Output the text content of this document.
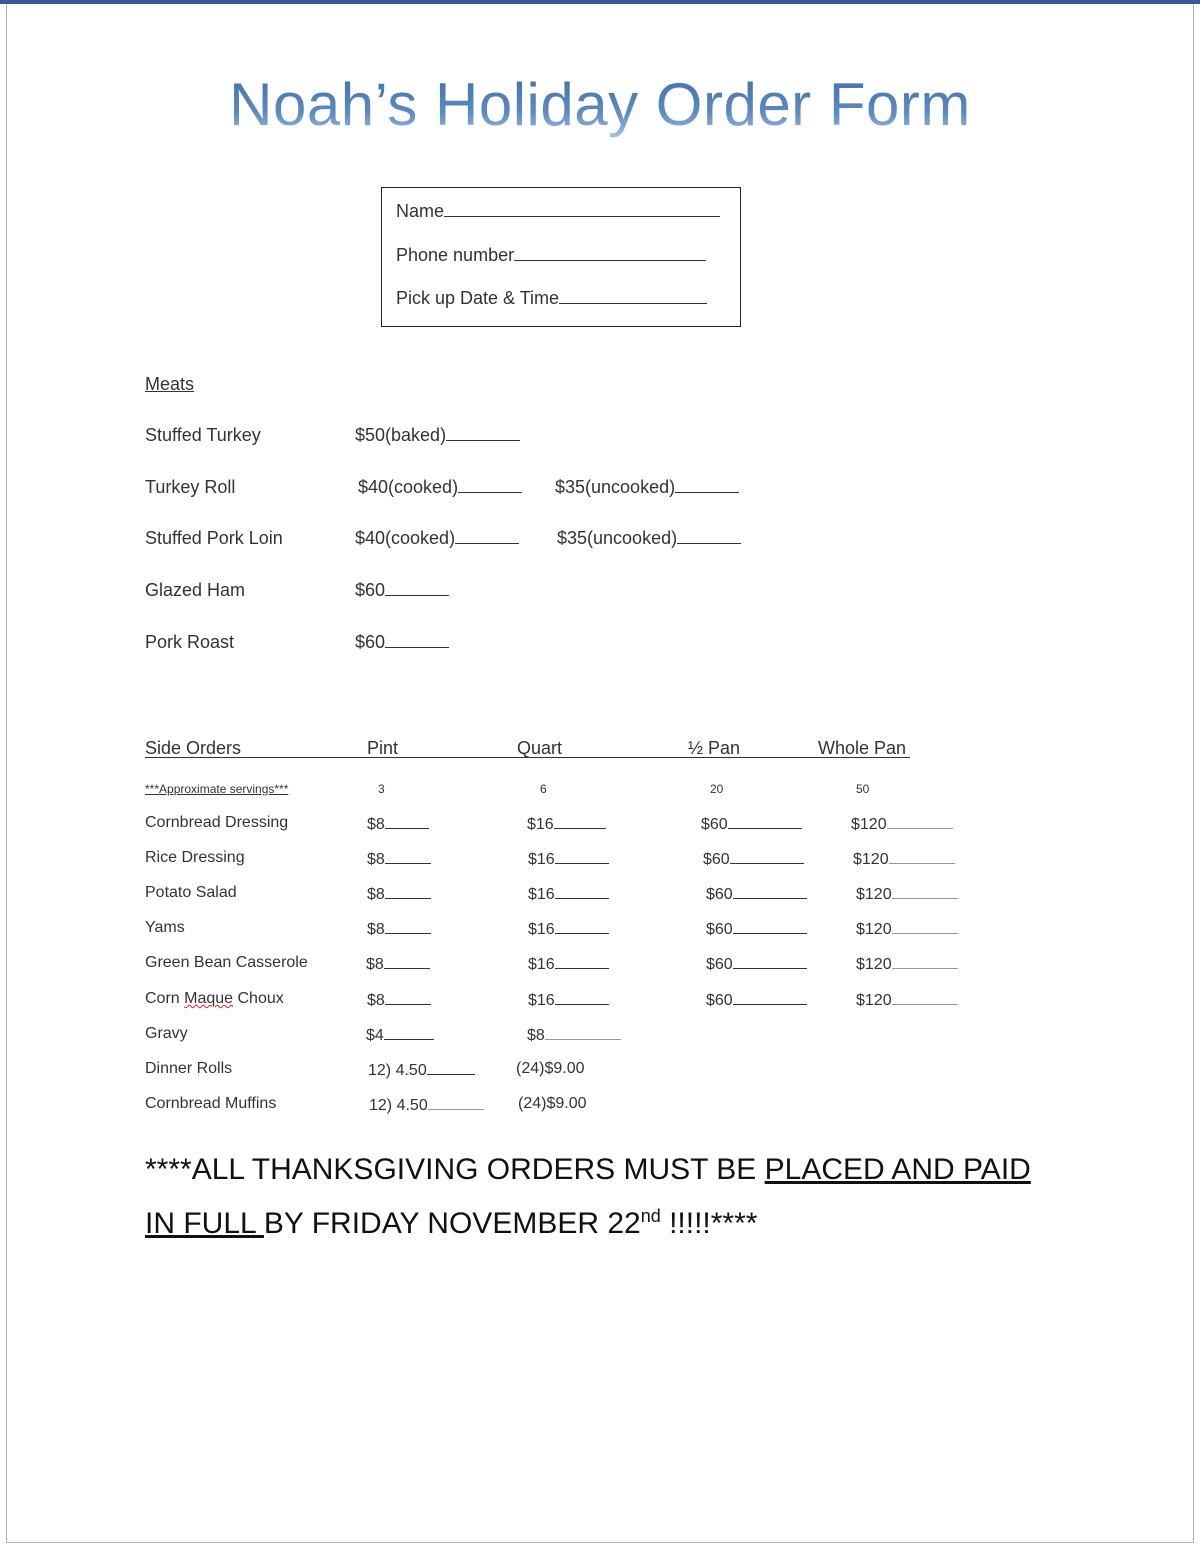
Noah’s Holiday Order Form
Name
Phone number
Pick up Date & Time
Meats
Stuffed Turkey	$50(baked)
Turkey Roll	$40(cooked)	$35(uncooked)
Stuffed Pork Loin	$40(cooked)	$35(uncooked)
Glazed Ham	$60
Pork Roast	$60
Side Orders	Pint	Quart	½ Pan	Whole Pan
***Approximate servings***	3	6	20	50
Cornbread Dressing	$8	$16	$60	$120
Rice Dressing	$8	$16	$60	$120
Potato Salad	$8	$16	$60	$120
Yams	$8	$16	$60	$120
Green Bean Casserole	$8	$16	$60	$120
Corn Maque Choux	$8	$16	$60	$120
Gravy	$4	$8
Dinner Rolls	12) 4.50	(24)$9.00
Cornbread Muffins	12) 4.50	(24)$9.00
****ALL THANKSGIVING ORDERS MUST BE PLACED AND PAID
IN FULL BY FRIDAY NOVEMBER 22nd !!!!!****
